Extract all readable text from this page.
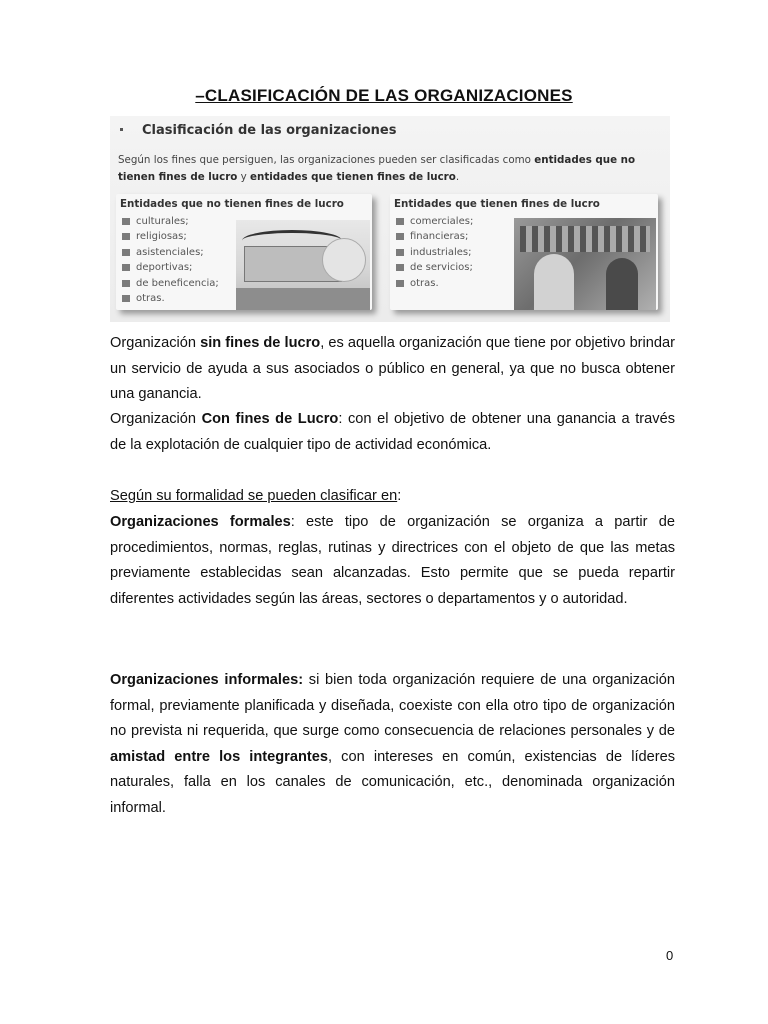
–CLASIFICACIÓN DE LAS ORGANIZACIONES
Clasificación de las organizaciones
Según los fines que persiguen, las organizaciones pueden ser clasificadas como entidades que no tienen fines de lucro y entidades que tienen fines de lucro.
Entidades que no tienen fines de lucro
culturales;
religiosas;
asistenciales;
deportivas;
de beneficencia;
otras.
Entidades que tienen fines de lucro
comerciales;
financieras;
industriales;
de servicios;
otras.

Organización sin fines de lucro, es aquella organización que tiene por objetivo brindar un servicio de ayuda a sus asociados o público en general, ya que no busca obtener una ganancia.

Organización Con fines de Lucro: con el objetivo de obtener una ganancia a través de la explotación de cualquier tipo de actividad económica.

Según su formalidad se pueden clasificar en:

Organizaciones formales: este tipo de organización se organiza a partir de procedimientos, normas, reglas, rutinas y directrices con el objeto de que las metas previamente establecidas sean alcanzadas. Esto permite que se pueda repartir diferentes actividades según las áreas, sectores o departamentos y o autoridad.

Organizaciones informales: si bien toda organización requiere de una organización formal, previamente planificada y diseñada, coexiste con ella otro tipo de organización no prevista ni requerida, que surge como consecuencia de relaciones personales y de amistad entre los integrantes, con intereses en común, existencias de líderes naturales, falla en los canales de comunicación, etc., denominada organización informal.

0
